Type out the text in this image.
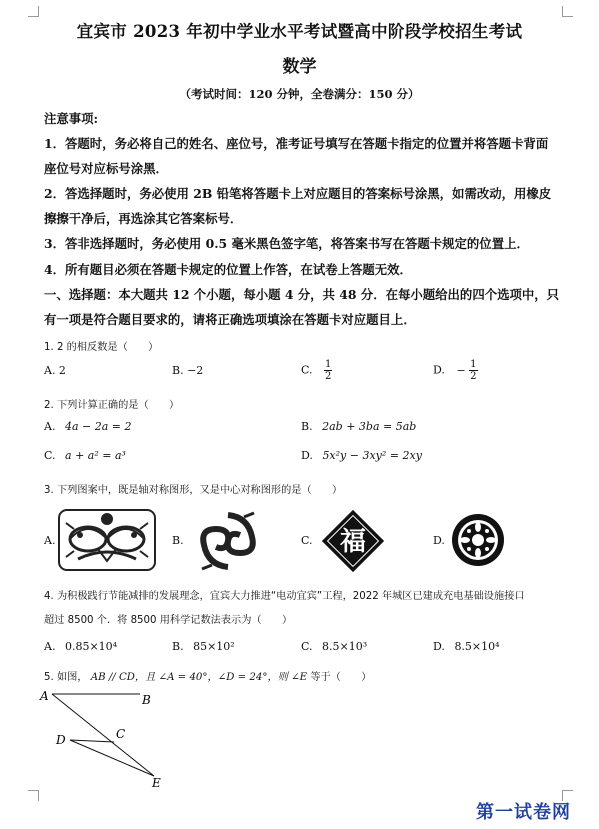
宜宾市 2023 年初中学业水平考试暨高中阶段学校招生考试
数学
（考试时间：120 分钟，全卷满分：150 分）
注意事项:
1．答题时，务必将自己的姓名、座位号，准考证号填写在答题卡指定的位置并将答题卡背面
座位号对应标号涂黑．
2．答选择题时，务必使用 2B 铅笔将答题卡上对应题目的答案标号涂黑，如需改动，用橡皮
擦擦干净后，再选涂其它答案标号．
3．答非选择题时，务必使用 0.5 毫米黑色签字笔，将答案书写在答题卡规定的位置上．
4．所有题目必须在答题卡规定的位置上作答，在试卷上答题无效．
一、选择题：本大题共 12 个小题，每小题 4 分，共 48 分．在每小题给出的四个选项中，只
有一项是符合题目要求的，请将正确选项填涂在答题卡对应题目上．
1. 2 的相反数是（　　）
A. 2	B. −2	C. $\frac{1}{2}$	D. − $\frac{1}{2}$
2. 下列计算正确的是（　　）
A. 4a − 2a = 2	B. 2ab + 3ba = 5ab
C. a + a² = a³	D. 5x²y − 3xy² = 2xy
3. 下列图案中，既是轴对称图形，又是中心对称图形的是（　　）
A.	B.	C.	D.
福
4. 为积极践行节能减排的发展理念，宜宾大力推进“电动宜宾”工程，2022 年城区已建成充电基础设施接口
超过 8500 个．将 8500 用科学记数法表示为（　　）
A. 0.85×10⁴	B. 85×10²	C. 8.5×10³	D. 8.5×10⁴
5. 如图， AB // CD，且 ∠A = 40°，∠D = 24°，则 ∠E 等于（　　）
A	B
C
D
E
第一试卷网
